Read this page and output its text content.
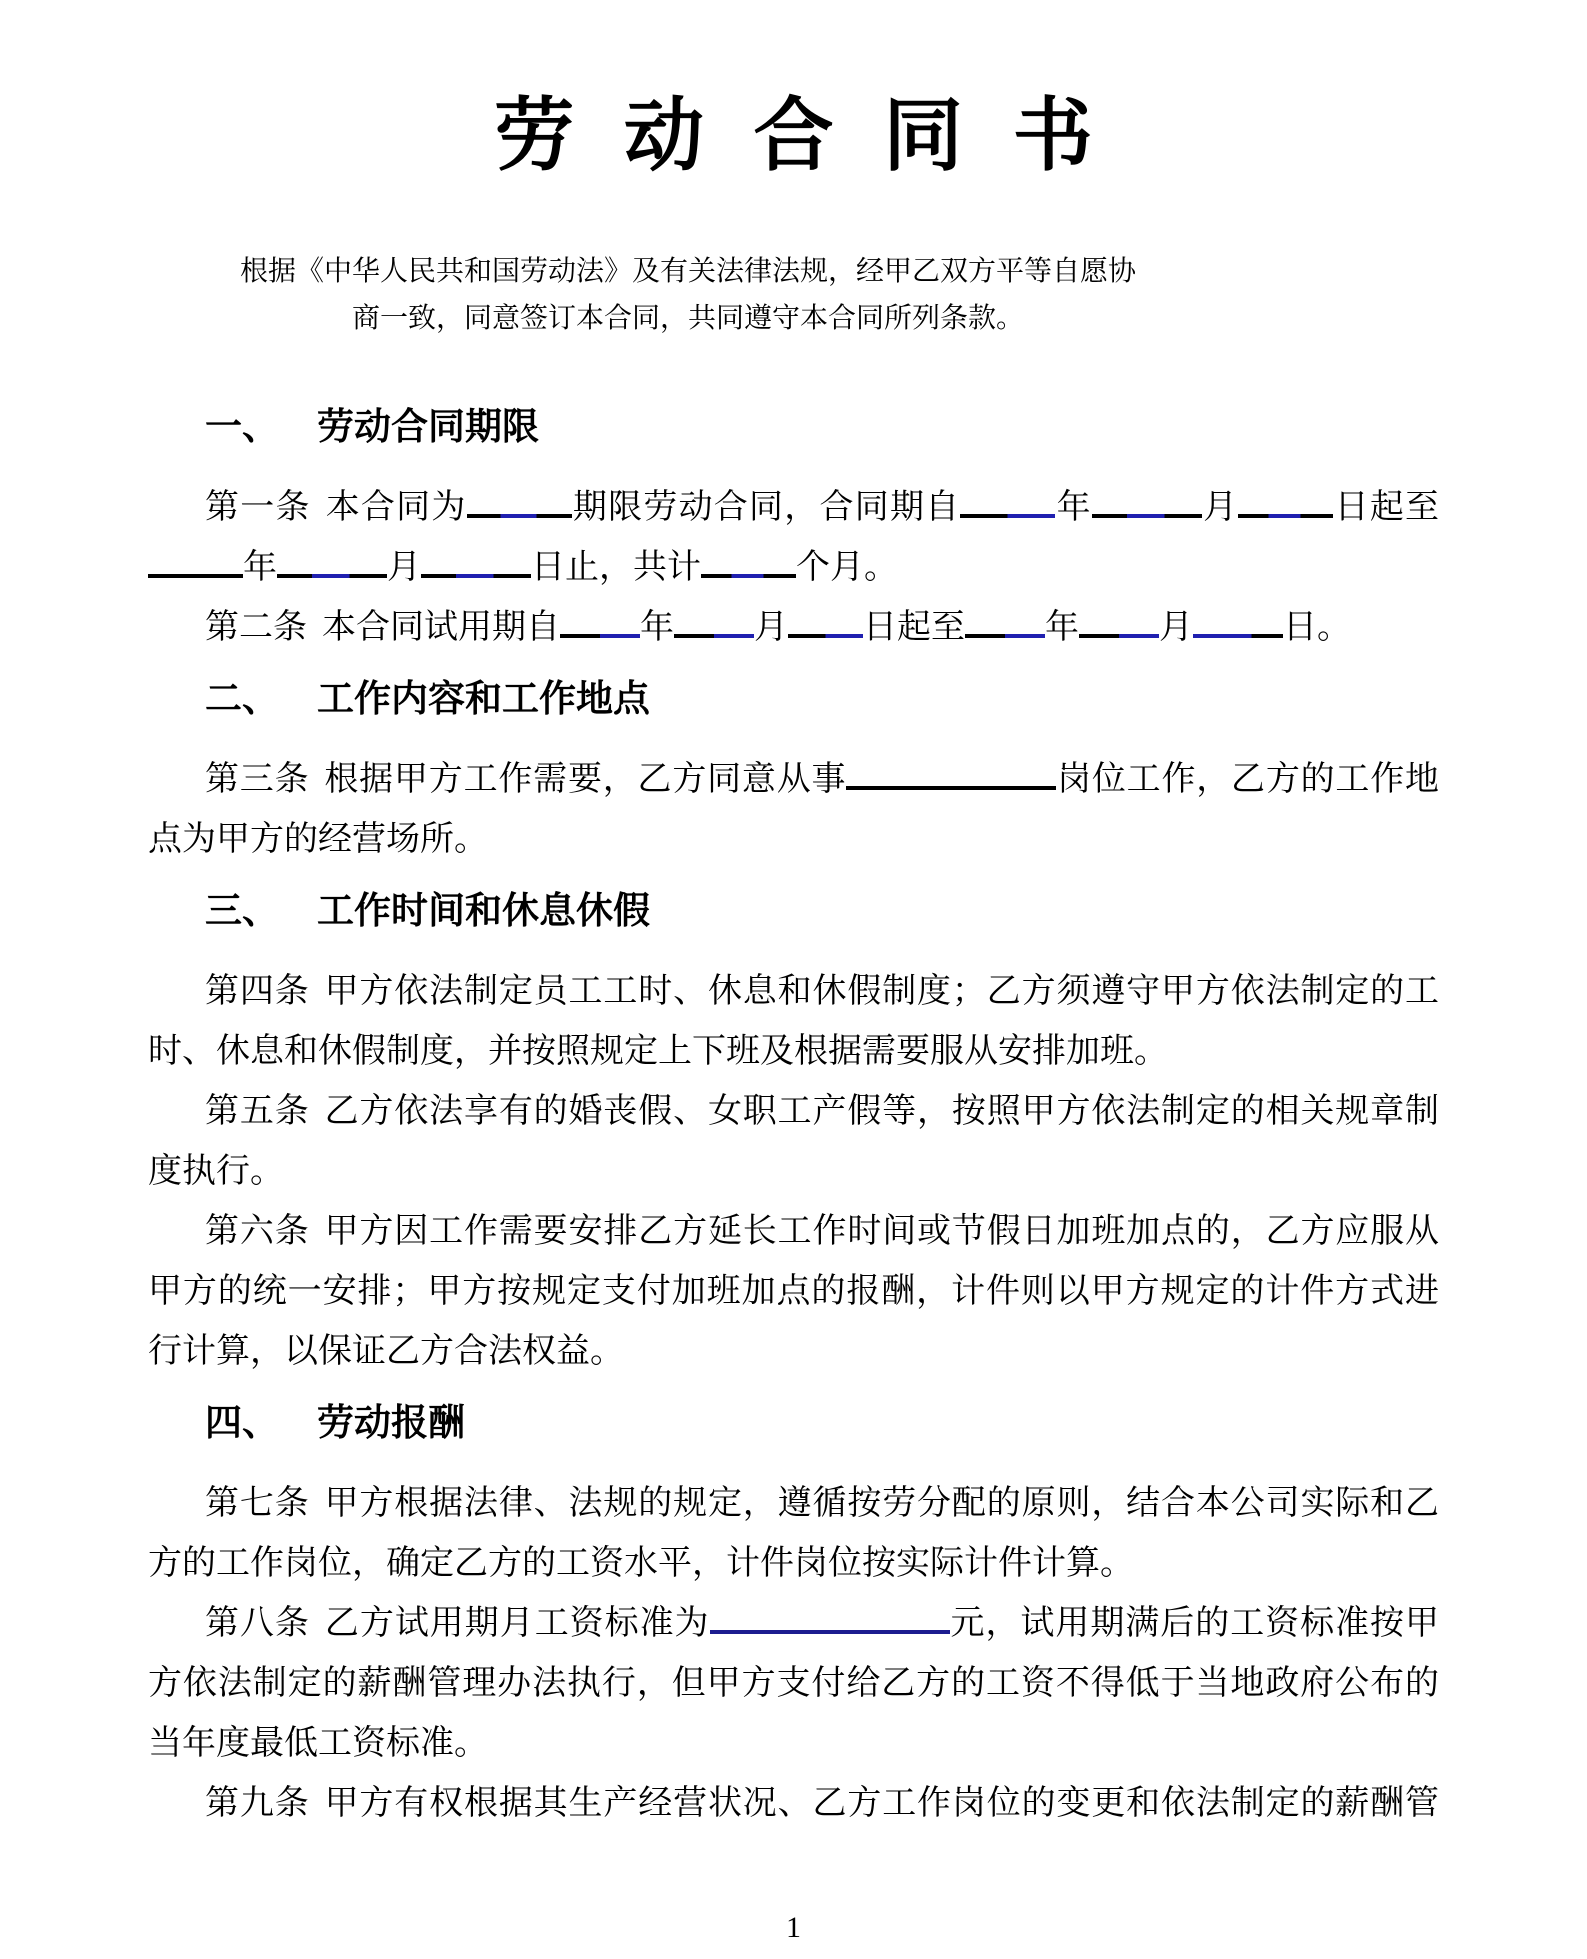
劳动合同书

根据《中华人民共和国劳动法》及有关法律法规，经甲乙双方平等自愿协商一致，同意签订本合同，共同遵守本合同所列条款。

一、 劳动合同期限

第一条 本合同为	期限劳动合同，合同期自	年	月	日起至年	月	日止，共计	个月。

第二条 本合同试用期自 年 月 日起至 年 月	日。

二、 工作内容和工作地点

第三条 根据甲方工作需要，乙方同意从事	岗位工作，乙方的工作地点为甲方的经营场所。

三、 工作时间和休息休假

第四条 甲方依法制定员工工时、休息和休假制度；乙方须遵守甲方依法制定的工时、休息和休假制度，并按照规定上下班及根据需要服从安排加班。

第五条 乙方依法享有的婚丧假、女职工产假等，按照甲方依法制定的相关规章制度执行。

第六条 甲方因工作需要安排乙方延长工作时间或节假日加班加点的，乙方应服从甲方的统一安排；甲方按规定支付加班加点的报酬，计件则以甲方规定的计件方式进行计算，以保证乙方合法权益。

四、 劳动报酬

第七条 甲方根据法律、法规的规定，遵循按劳分配的原则，结合本公司实际和乙方的工作岗位，确定乙方的工资水平，计件岗位按实际计件计算。

第八条 乙方试用期月工资标准为	元，试用期满后的工资标准按甲方依法制定的薪酬管理办法执行，但甲方支付给乙方的工资不得低于当地政府公布的当年度最低工资标准。

第九条 甲方有权根据其生产经营状况、乙方工作岗位的变更和依法制定的薪酬管

1
